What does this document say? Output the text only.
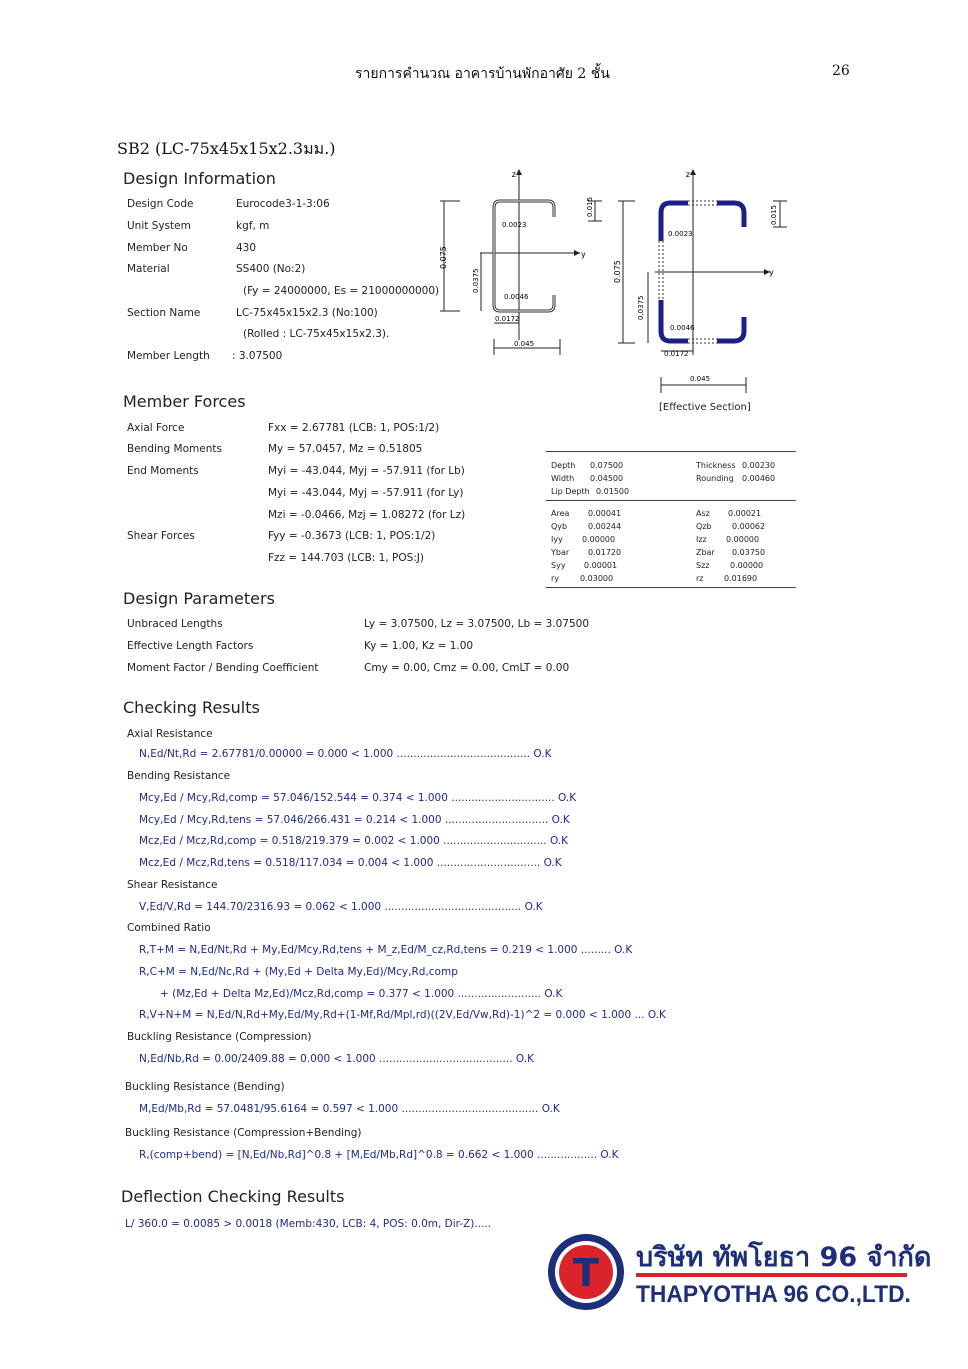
รายการคำนวณ อาคารบ้านพักอาศัย 2 ชั้น	26
SB2 (LC-75x45x15x2.3มม.)
Design Information
Design Code	Eurocode3-1-3:06
Unit System	kgf, m
Member No	430
Material	SS400 (No:2)
(Fy = 24000000, Es = 21000000000)
Section Name	LC-75x45x15x2.3 (No:100)
(Rolled : LC-75x45x15x2.3).
Member Length : 3.07500
z
y
0.075
0.0375
0.015
0.0023
0.0046
0.0172
0.045
z
y
0.075
0.0375
0.015
0.0023
0.0046
0.0172
0.045
[Effective Section]
Member Forces
Axial Force	Fxx = 2.67781 (LCB: 1, POS:1/2)
Bending Moments	My = 57.0457, Mz = 0.51805
End Moments	Myi = -43.044, Myj = -57.911 (for Lb)
Myi = -43.044, Myj = -57.911 (for Ly)
Mzi = -0.0466, Mzj = 1.08272 (for Lz)
Shear Forces	Fyy = -0.3673 (LCB: 1, POS:1/2)
Fzz = 144.703 (LCB: 1, POS:J)
Depth 0.07500	Thickness 0.00230
Width 0.04500	Rounding 0.00460
Lip Depth 0.01500
Area 0.00041	Asz 0.00021
Qyb	0.00244	Qzb	0.00062
Iyy 0.00000	Izz 0.00000
Ybar 0.01720	Zbar 0.03750
Syy 0.00001	Szz	0.00000
ry	0.03000	rz	0.01690
Design Parameters
Unbraced Lengths	Ly = 3.07500, Lz = 3.07500, Lb = 3.07500
Effective Length Factors	Ky = 1.00, Kz = 1.00
Moment Factor / Bending Coefficient	Cmy = 0.00, Cmz = 0.00, CmLT = 0.00
Checking Results
Axial Resistance
N,Ed/Nt,Rd = 2.67781/0.00000 = 0.000 < 1.000 ........................................ O.K
Bending Resistance
Mcy,Ed / Mcy,Rd,comp = 57.046/152.544 = 0.374 < 1.000 ............................... O.K
Mcy,Ed / Mcy,Rd,tens = 57.046/266.431 = 0.214 < 1.000 ............................... O.K
Mcz,Ed / Mcz,Rd,comp = 0.518/219.379 = 0.002 < 1.000 ............................... O.K
Mcz,Ed / Mcz,Rd,tens = 0.518/117.034 = 0.004 < 1.000 ............................... O.K
Shear Resistance
V,Ed/V,Rd = 144.70/2316.93 = 0.062 < 1.000 ......................................... O.K
Combined Ratio
R,T+M = N,Ed/Nt,Rd + My,Ed/Mcy,Rd,tens + M_z,Ed/M_cz,Rd,tens = 0.219 < 1.000 ......... O.K
R,C+M = N,Ed/Nc,Rd + (My,Ed + Delta My,Ed)/Mcy,Rd,comp
+ (Mz,Ed + Delta Mz,Ed)/Mcz,Rd,comp = 0.377 < 1.000 ......................... O.K
R,V+N+M = N,Ed/N,Rd+My,Ed/My,Rd+(1-Mf,Rd/Mpl,rd)((2V,Ed/Vw,Rd)-1)^2 = 0.000 < 1.000 ... O.K
Buckling Resistance (Compression)
N,Ed/Nb,Rd = 0.00/2409.88 = 0.000 < 1.000 ........................................ O.K
Buckling Resistance (Bending)
M,Ed/Mb,Rd = 57.0481/95.6164 = 0.597 < 1.000 ......................................... O.K
Buckling Resistance (Compression+Bending)
R,(comp+bend) = [N,Ed/Nb,Rd]^0.8 + [M,Ed/Mb,Rd]^0.8 = 0.662 < 1.000 .................. O.K
Deflection Checking Results
L/ 360.0 = 0.0085 > 0.0018 (Memb:430, LCB: 4, POS: 0.0m, Dir-Z).....
T บริษัท ทัพโยธา 96 จำกัด
THAPYOTHA 96 CO.,LTD.
